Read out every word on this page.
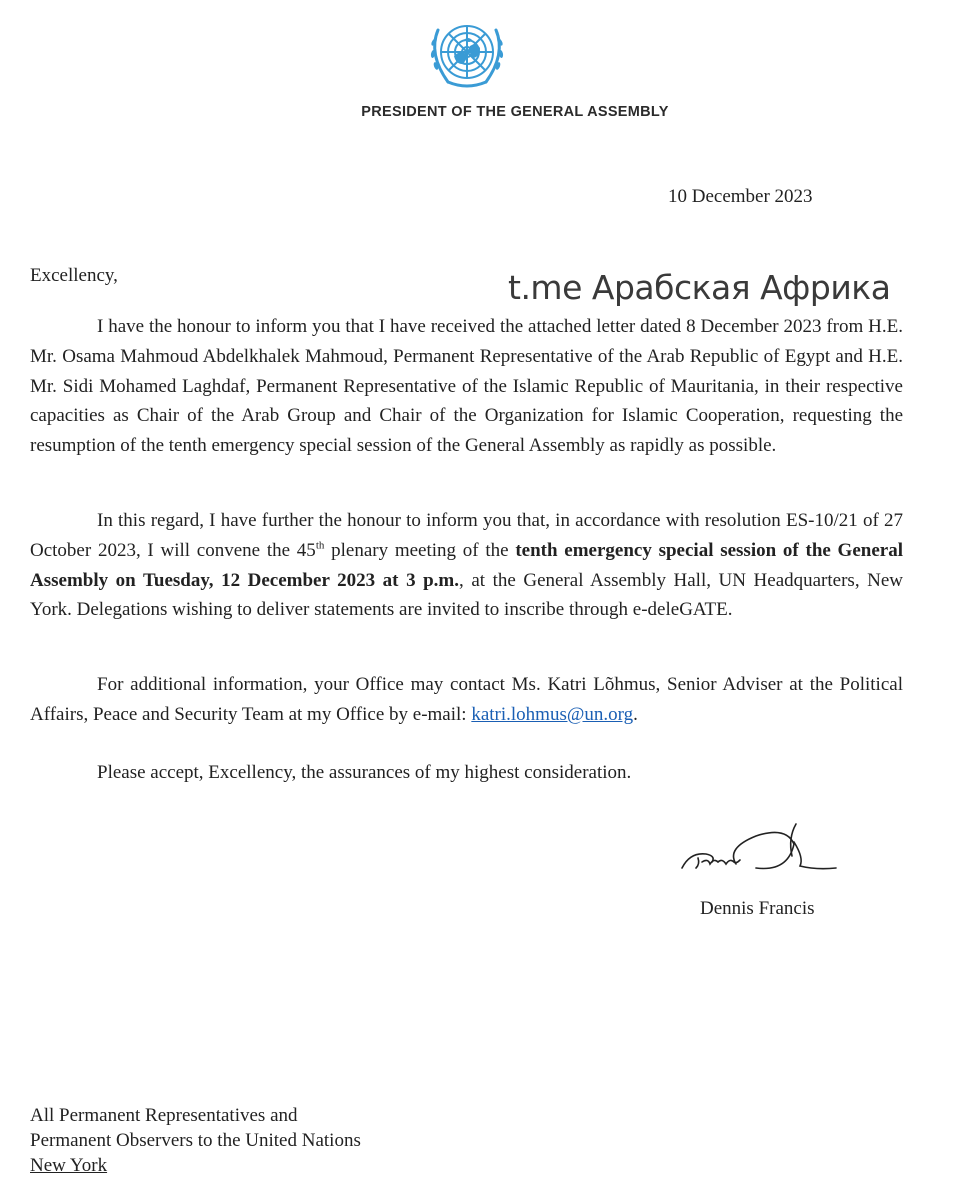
PRESIDENT OF THE GENERAL ASSEMBLY
10 December 2023
Excellency,	t.me Арабская Африка

I have the honour to inform you that I have received the attached letter dated 8 December 2023 from H.E. Mr. Osama Mahmoud Abdelkhalek Mahmoud, Permanent Representative of the Arab Republic of Egypt and H.E. Mr. Sidi Mohamed Laghdaf, Permanent Representative of the Islamic Republic of Mauritania, in their respective capacities as Chair of the Arab Group and Chair of the Organization for Islamic Cooperation, requesting the resumption of the tenth emergency special session of the General Assembly as rapidly as possible.

In this regard, I have further the honour to inform you that, in accordance with resolution ES-10/21 of 27 October 2023, I will convene the 45th plenary meeting of the tenth emergency special session of the General Assembly on Tuesday, 12 December 2023 at 3 p.m., at the General Assembly Hall, UN Headquarters, New York. Delegations wishing to deliver statements are invited to inscribe through e-deleGATE.

For additional information, your Office may contact Ms. Katri Lõhmus, Senior Adviser at the Political Affairs, Peace and Security Team at my Office by e-mail: katri.lohmus@un.org.

Please accept, Excellency, the assurances of my highest consideration.

Dennis Francis
All Permanent Representatives and
Permanent Observers to the United Nations
New York
